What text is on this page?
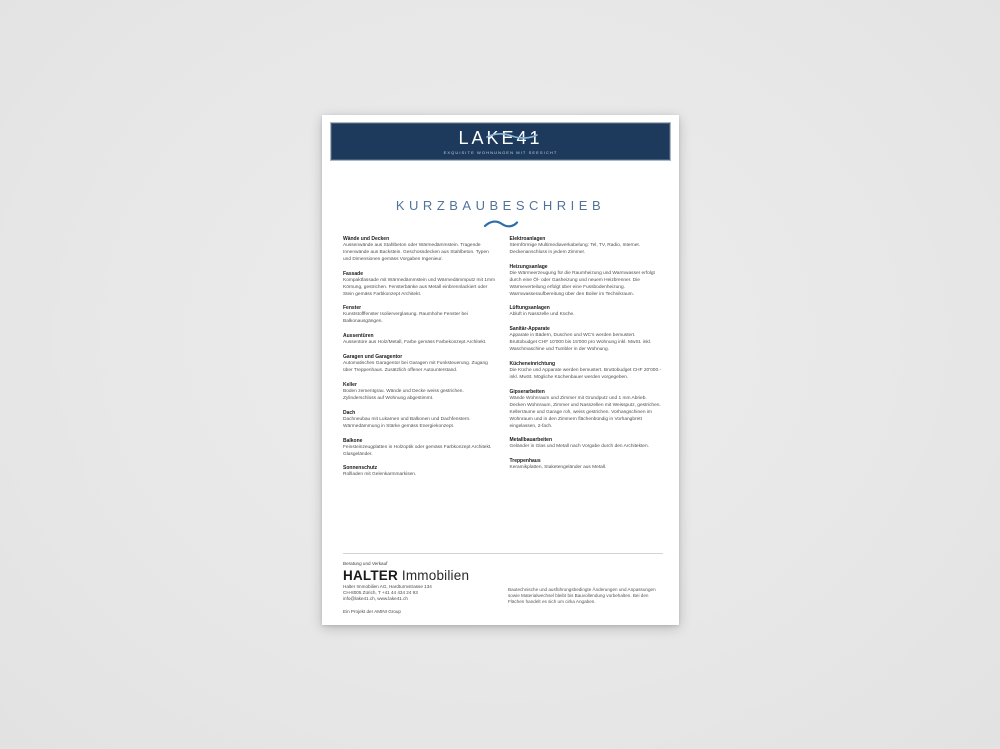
LAKE41
EXQUISITE WOHNUNGEN MIT SEESICHT
KURZBAUBESCHRIEB

Wände und Decken

Aussenwände aus Stahlbeton oder Wärmedämmstein. Tragende Innenwände aus Backstein. Geschossdecken aus Stahlbeton. Typen und Dimensionen gemäss Vorgaben Ingenieur.

Fassade

Kompaktfassade mit Wärmedämmstein und Wärmedämmputz mit 1mm Körnung, gestrichen. Fensterbänke aus Metall einbrennlackiert oder Stein gemäss Farbkonzept Architekt.

Fenster

Kunststofffenster Isolierverglasung. Raumhohe Fenster bei Balkonausgängen.

Aussentüren

Aussentüre aus Holz/Metall, Farbe gemäss Farbekonzept Architekt.

Garagen und Garagentor

Automatisches Garagentor bei Garagen mit Funksteuerung. Zugang über Treppenhaus. Zusätzlich offener Autounterstand.

Keller

Boden zementgrau. Wände und Decke weiss gestrichen. Zylinderschloss auf Wohnung abgestimmt.

Dach

Dachneubau mit Lukarnen und Balkonen und Dachfenstern. Wärmedämmung in Stärke gemäss Energiekonzept.

Balkone

Feinsteinzeugplatten in Holzoptik oder gemäss Farbkonzept Architekt. Glasgeländer.

Sonnenschutz

Rollladen mit Gelenkarmmarkisen.

Elektroanlagen

Sternförmige Multimediaverkabelung: Tel, TV, Radio, Internet. Deckenanschluss in jedem Zimmer.

Heizungsanlage

Die Wärmeerzeugung für die Raumheizung und Warmwasser erfolgt durch eine Öl- oder Gasheizung und neuem Heizbrenner. Die Wärmeverteilung erfolgt über eine Fussbodenheizung. Warmwasseraufbereitung über den Boiler im Technikraum.

Lüftungsanlagen

Abluft in Nasszelle und Küche.

Sanitär-Apparate

Apparate in Bädern, Duschen und WC's werden bemustert. Bruttobudget CHF 10'000 bis 15'000 pro Wohnung inkl. MwSt. inkl. Waschmaschine und Tumbler in der Wohnung.

Kücheneinrichtung

Die Küche und Apparate werden bemustert. Bruttobudget CHF 20'000.- inkl. MwSt. Mögliche Küchenbauer werden vorgegeben.

Gipserarbeiten

Wände Wohnraum und Zimmer mit Grundputz und 1 mm Abrieb. Decken Wohnraum, Zimmer und Nasszellen mit Weissputz, gestrichen. Kellerräume und Garage roh, weiss gestrichen. Vorhangschinen im Wohnraum und in den Zimmern flächenbündig in Vorhangbrett eingelassen, 2-fach.

Metallbauarbeiten

Geländer in Glas und Metall nach Vorgabe durch den Architekten.

Treppenhaus

Keramikplatten, Staketengeländer aus Metall.

Beratung und Verkauf

HALTER Immobilien

Halter Immobilien AG, Hardturmstrasse 134

CH-8005 Zürich, T +41 44 434 24 93

info@lake41.ch, www.lake41.ch

Ein Projekt der AMINI Group

Bautechnische und ausführungsbedingte Änderungen und Anpassungen sowie Materialwechsel bleibt bis Bauvollendung vorbehalten. Bei den Flächen handelt es sich um cirka Angaben.
